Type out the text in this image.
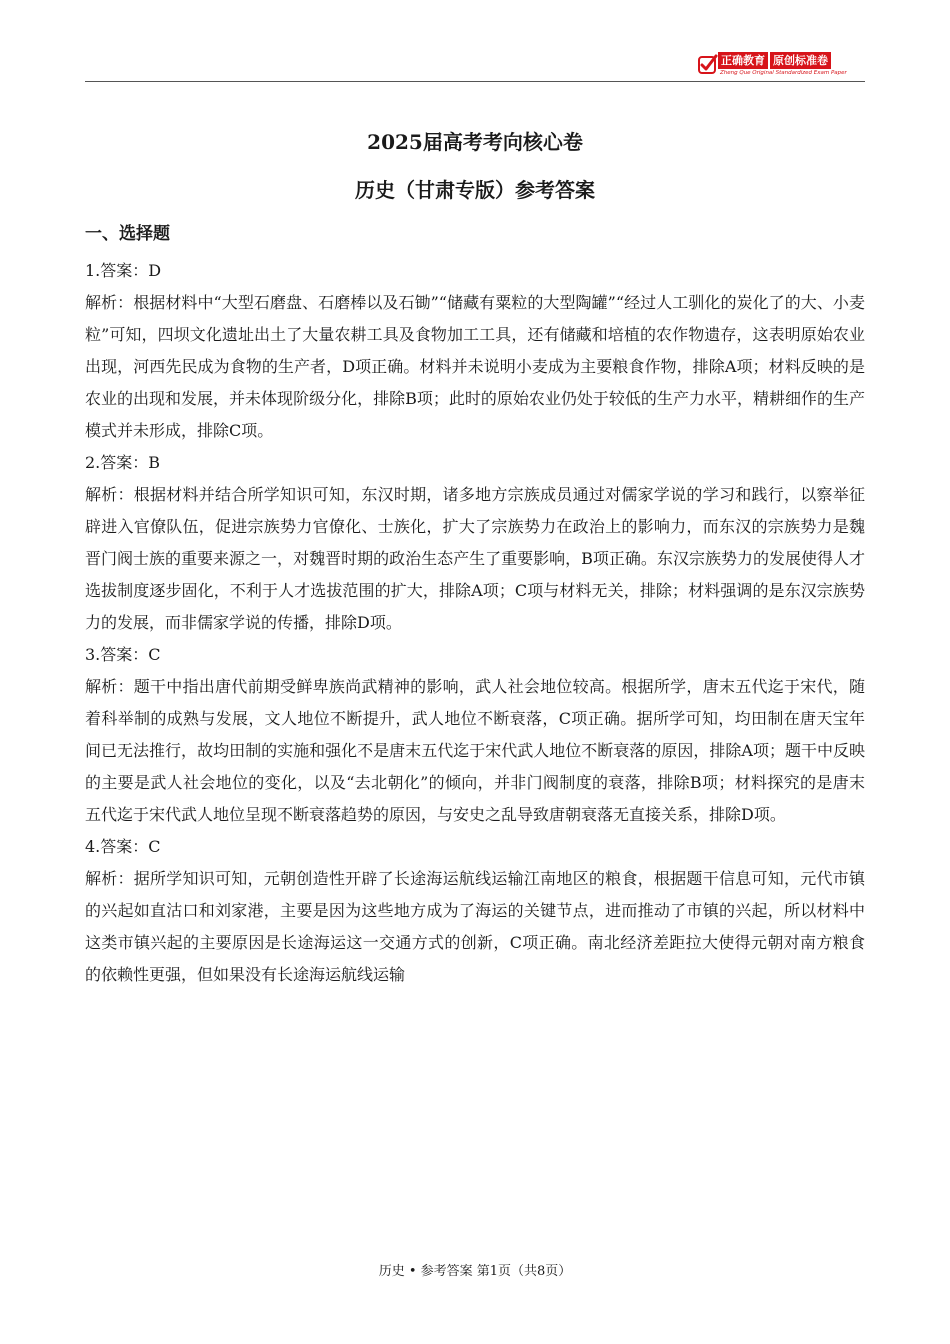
正确教育 原创标准卷
Zheng Que Original Standardized Exam Paper
2025届高考考向核心卷
历史（甘肃专版）参考答案
一、选择题

1.答案：D

解析：根据材料中“大型石磨盘、石磨棒以及石锄”“储藏有粟粒的大型陶罐”“经过人工驯化的炭化了的大、小麦粒”可知，四坝文化遗址出土了大量农耕工具及食物加工工具，还有储藏和培植的农作物遗存，这表明原始农业出现，河西先民成为食物的生产者，D项正确。材料并未说明小麦成为主要粮食作物，排除A项；材料反映的是农业的出现和发展，并未体现阶级分化，排除B项；此时的原始农业仍处于较低的生产力水平，精耕细作的生产模式并未形成，排除C项。

2.答案：B

解析：根据材料并结合所学知识可知，东汉时期，诸多地方宗族成员通过对儒家学说的学习和践行，以察举征辟进入官僚队伍，促进宗族势力官僚化、士族化，扩大了宗族势力在政治上的影响力，而东汉的宗族势力是魏晋门阀士族的重要来源之一，对魏晋时期的政治生态产生了重要影响，B项正确。东汉宗族势力的发展使得人才选拔制度逐步固化，不利于人才选拔范围的扩大，排除A项；C项与材料无关，排除；材料强调的是东汉宗族势力的发展，而非儒家学说的传播，排除D项。

3.答案：C

解析：题干中指出唐代前期受鲜卑族尚武精神的影响，武人社会地位较高。根据所学，唐末五代迄于宋代，随着科举制的成熟与发展，文人地位不断提升，武人地位不断衰落，C项正确。据所学可知，均田制在唐天宝年间已无法推行，故均田制的实施和强化不是唐末五代迄于宋代武人地位不断衰落的原因，排除A项；题干中反映的主要是武人社会地位的变化，以及“去北朝化”的倾向，并非门阀制度的衰落，排除B项；材料探究的是唐末五代迄于宋代武人地位呈现不断衰落趋势的原因，与安史之乱导致唐朝衰落无直接关系，排除D项。

4.答案：C

解析：据所学知识可知，元朝创造性开辟了长途海运航线运输江南地区的粮食，根据题干信息可知，元代市镇的兴起如直沽口和刘家港，主要是因为这些地方成为了海运的关键节点，进而推动了市镇的兴起，所以材料中这类市镇兴起的主要原因是长途海运这一交通方式的创新，C项正确。南北经济差距拉大使得元朝对南方粮食的依赖性更强，但如果没有长途海运航线运输

历史 • 参考答案 第1页（共8页）
